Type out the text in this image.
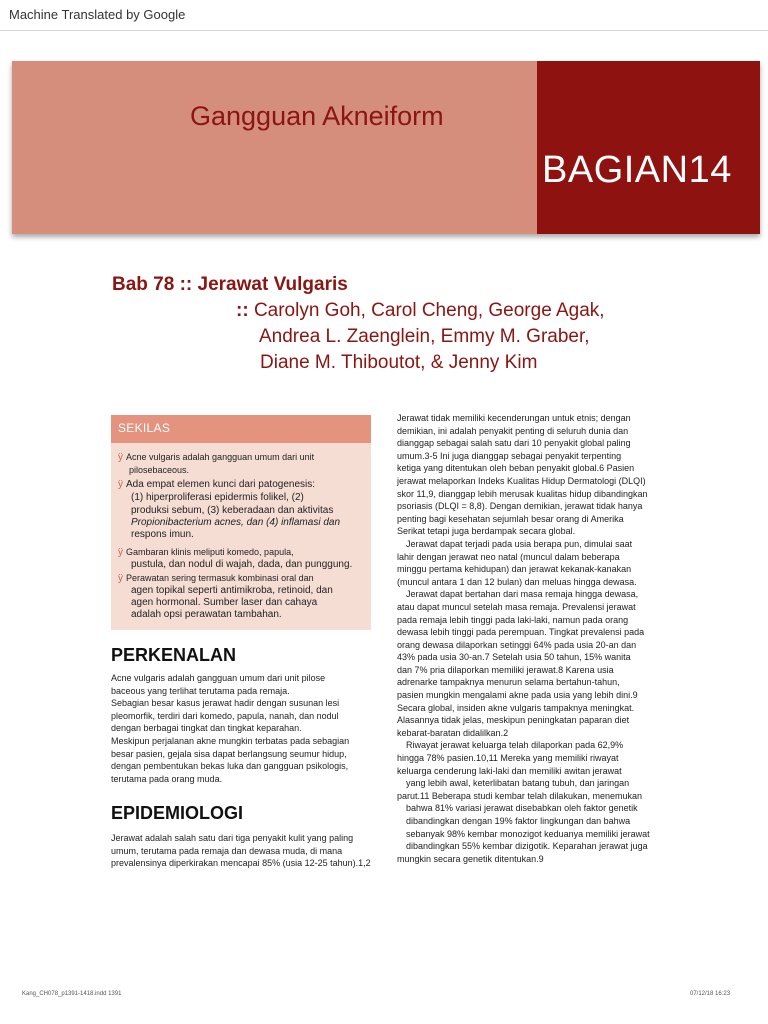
Machine Translated by Google
Gangguan Akneiform
BAGIAN14
Bab 78 :: Jerawat Vulgaris
:: Carolyn Goh, Carol Cheng, George Agak,
Andrea L. Zaenglein, Emmy M. Graber,
Diane M. Thiboutot, & Jenny Kim
SEKILAS

ÿ Acne vulgaris adalah gangguan umum dari unit

pilosebaceous.

ÿ Ada empat elemen kunci dari patogenesis:

(1) hiperproliferasi epidermis folikel, (2)

produksi sebum, (3) keberadaan dan aktivitas

Propionibacterium acnes, dan (4) inflamasi dan

respons imun.

ÿ Gambaran klinis meliputi komedo, papula,

pustula, dan nodul di wajah, dada, dan punggung.

ÿ Perawatan sering termasuk kombinasi oral dan

agen topikal seperti antimikroba, retinoid, dan

agen hormonal. Sumber laser dan cahaya

adalah opsi perawatan tambahan.

PERKENALAN

Acne vulgaris adalah gangguan umum dari unit pilose

baceous yang terlihat terutama pada remaja.

Sebagian besar kasus jerawat hadir dengan susunan lesi

pleomorfik, terdiri dari komedo, papula, nanah, dan nodul

dengan berbagai tingkat dan tingkat keparahan.

Meskipun perjalanan akne mungkin terbatas pada sebagian

besar pasien, gejala sisa dapat berlangsung seumur hidup,

dengan pembentukan bekas luka dan gangguan psikologis,

terutama pada orang muda.

EPIDEMIOLOGI

Jerawat adalah salah satu dari tiga penyakit kulit yang paling

umum, terutama pada remaja dan dewasa muda, di mana

prevalensinya diperkirakan mencapai 85% (usia 12-25 tahun).1,2

Jerawat tidak memiliki kecenderungan untuk etnis; dengan

demikian, ini adalah penyakit penting di seluruh dunia dan

dianggap sebagai salah satu dari 10 penyakit global paling

umum.3-5 Ini juga dianggap sebagai penyakit terpenting

ketiga yang ditentukan oleh beban penyakit global.6 Pasien

jerawat melaporkan Indeks Kualitas Hidup Dermatologi (DLQI)

skor 11,9, dianggap lebih merusak kualitas hidup dibandingkan

psoriasis (DLQI = 8,8). Dengan demikian, jerawat tidak hanya

penting bagi kesehatan sejumlah besar orang di Amerika

Serikat tetapi juga berdampak secara global.

Jerawat dapat terjadi pada usia berapa pun, dimulai saat

lahir dengan jerawat neo natal (muncul dalam beberapa

minggu pertama kehidupan) dan jerawat kekanak-kanakan

(muncul antara 1 dan 12 bulan) dan meluas hingga dewasa.

Jerawat dapat bertahan dari masa remaja hingga dewasa,

atau dapat muncul setelah masa remaja. Prevalensi jerawat

pada remaja lebih tinggi pada laki-laki, namun pada orang

dewasa lebih tinggi pada perempuan. Tingkat prevalensi pada

orang dewasa dilaporkan setinggi 64% pada usia 20-an dan

43% pada usia 30-an.7 Setelah usia 50 tahun, 15% wanita

dan 7% pria dilaporkan memiliki jerawat.8 Karena usia

adrenarke tampaknya menurun selama bertahun-tahun,

pasien mungkin mengalami akne pada usia yang lebih dini.9

Secara global, insiden akne vulgaris tampaknya meningkat.

Alasannya tidak jelas, meskipun peningkatan paparan diet

kebarat-baratan didalilkan.2

Riwayat jerawat keluarga telah dilaporkan pada 62,9%

hingga 78% pasien.10,11 Mereka yang memiliki riwayat

keluarga cenderung laki-laki dan memiliki awitan jerawat

yang lebih awal, keterlibatan batang tubuh, dan jaringan

parut.11 Beberapa studi kembar telah dilakukan, menemukan

bahwa 81% variasi jerawat disebabkan oleh faktor genetik

dibandingkan dengan 19% faktor lingkungan dan bahwa

sebanyak 98% kembar monozigot keduanya memiliki jerawat

dibandingkan 55% kembar dizigotik. Keparahan jerawat juga

mungkin secara genetik ditentukan.9

Kang_CH078_p1391-1418.indd 1391	07/12/18 16:23
